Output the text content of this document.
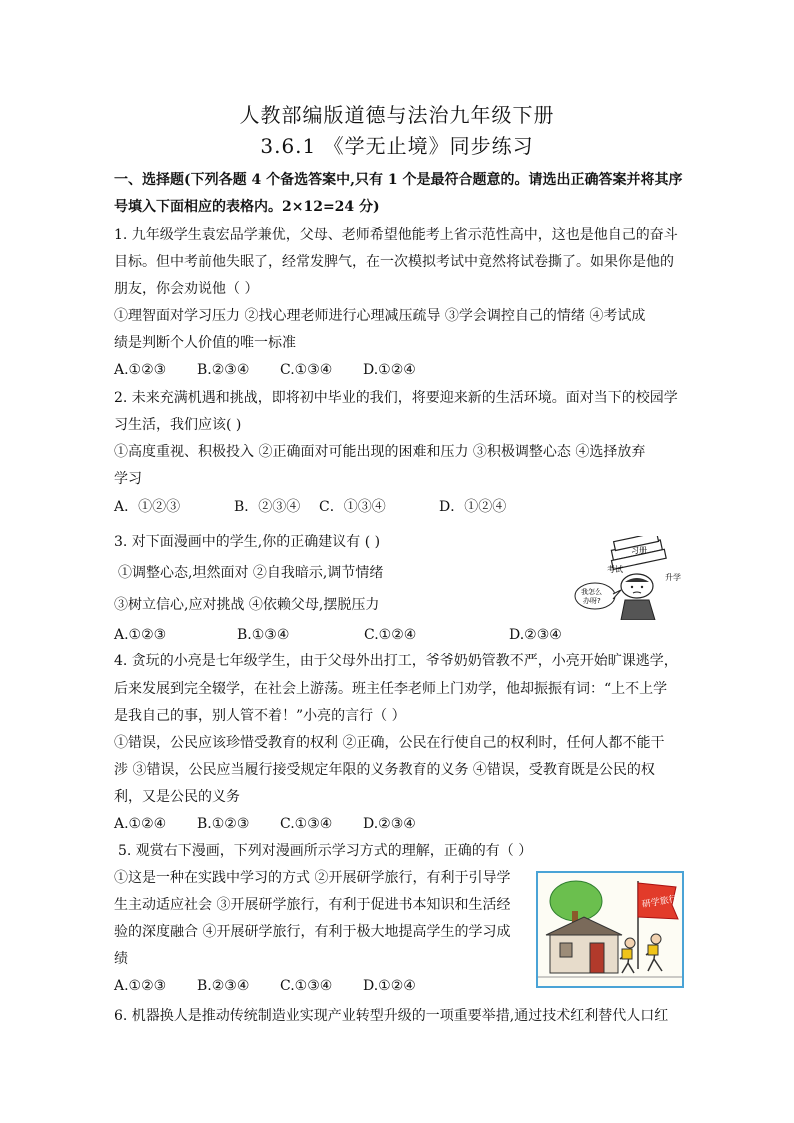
人教部编版道德与法治九年级下册
3.6.1 《学无止境》同步练习
一、选择题(下列各题 4 个备选答案中,只有 1 个是最符合题意的。请选出正确答案并将其序
号填入下面相应的表格内。2×12=24 分)
1. 九年级学生袁宏品学兼优，父母、老师希望他能考上省示范性高中，这也是他自己的奋斗
目标。但中考前他失眠了，经常发脾气，在一次模拟考试中竟然将试卷撕了。如果你是他的
朋友，你会劝说他（ ）
①理智面对学习压力 ②找心理老师进行心理减压疏导 ③学会调控自己的情绪 ④考试成
绩是判断个人价值的唯一标准
A.①②③ B.②③④ C.①③④ D.①②④
2. 未来充满机遇和挑战，即将初中毕业的我们，将要迎来新的生活环境。面对当下的校园学
习生活，我们应该( )
①高度重视、积极投入 ②正确面对可能出现的困难和压力 ③积极调整心态 ④选择放弃
学习
A．①②③	B．②③④ C．①③④	D．①②④
3. 对下面漫画中的学生,你的正确建议有 ( )
①调整心态,坦然面对 ②自我暗示,调节情绪
③树立信心,应对挑战 ④依赖父母,摆脱压力
A.①②③	B.①③④	C.①②④	D.②③④
习册
考试
升学
我怎么
办呀?
4. 贪玩的小亮是七年级学生，由于父母外出打工，爷爷奶奶管教不严，小亮开始旷课逃学，
后来发展到完全辍学，在社会上游荡。班主任李老师上门劝学，他却振振有词：“上不上学
是我自己的事，别人管不着！”小亮的言行（ ）
①错误，公民应该珍惜受教育的权利 ②正确，公民在行使自己的权利时，任何人都不能干
涉 ③错误，公民应当履行接受规定年限的义务教育的义务 ④错误，受教育既是公民的权
利，又是公民的义务
A.①②④ B.①②③ C.①③④ D.②③④
5. 观赏右下漫画，下列对漫画所示学习方式的理解，正确的有（ ）
①这是一种在实践中学习的方式 ②开展研学旅行，有利于引导学
生主动适应社会 ③开展研学旅行，有利于促进书本知识和生活经
验的深度融合 ④开展研学旅行，有利于极大地提高学生的学习成
绩
A.①②③ B.②③④ C.①③④ D.①②④
研学旅行
6. 机器换人是推动传统制造业实现产业转型升级的一项重要举措,通过技术红利替代人口红
